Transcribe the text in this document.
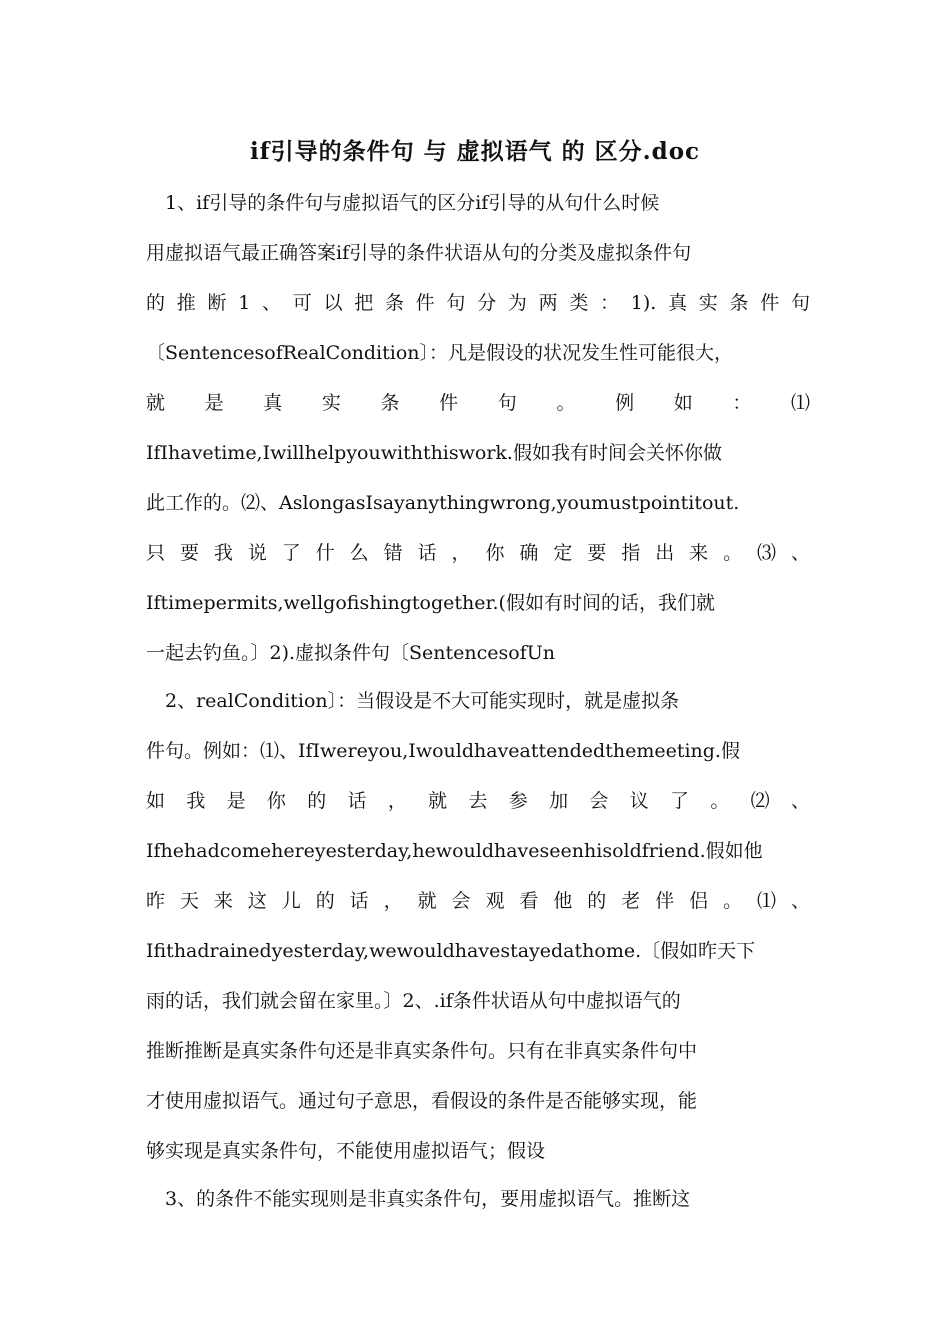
if引导的条件句 与 虚拟语气 的 区分.doc
　1、if引导的条件句与虚拟语气的区分if引导的从句什么时候
用虚拟语气最正确答案if引导的条件状语从句的分类及虚拟条件句
的推断1、可以把条件句分为两类：1).真实条件句
〔SentencesofRealCondition〕：凡是假设的状况发生性可能很大，
就是真实条件句。例如：⑴
IfIhavetime,Iwillhelpyouwiththiswork.假如我有时间会关怀你做
此工作的。⑵、AslongasIsayanythingwrong,youmustpointitout.
只要我说了什么错话，你确定要指出来。⑶、
Iftimepermits,wellgofishingtogether.(假如有时间的话，我们就
一起去钓鱼。〕2).虚拟条件句〔SentencesofUn
　2、realCondition〕：当假设是不大可能实现时，就是虚拟条
件句。例如：⑴、IfIwereyou,Iwouldhaveattendedthemeeting.假
如我是你的话，就去参加会议了。⑵、
Ifhehadcomehereyesterday,hewouldhaveseenhisoldfriend.假如他
昨天来这儿的话，就会观看他的老伴侣。⑴、
Ifithadrainedyesterday,wewouldhavestayedathome.〔假如昨天下
雨的话，我们就会留在家里。〕2、.if条件状语从句中虚拟语气的
推断推断是真实条件句还是非真实条件句。只有在非真实条件句中
才使用虚拟语气。通过句子意思，看假设的条件是否能够实现，能
够实现是真实条件句，不能使用虚拟语气；假设
　3、的条件不能实现则是非真实条件句，要用虚拟语气。推断这
